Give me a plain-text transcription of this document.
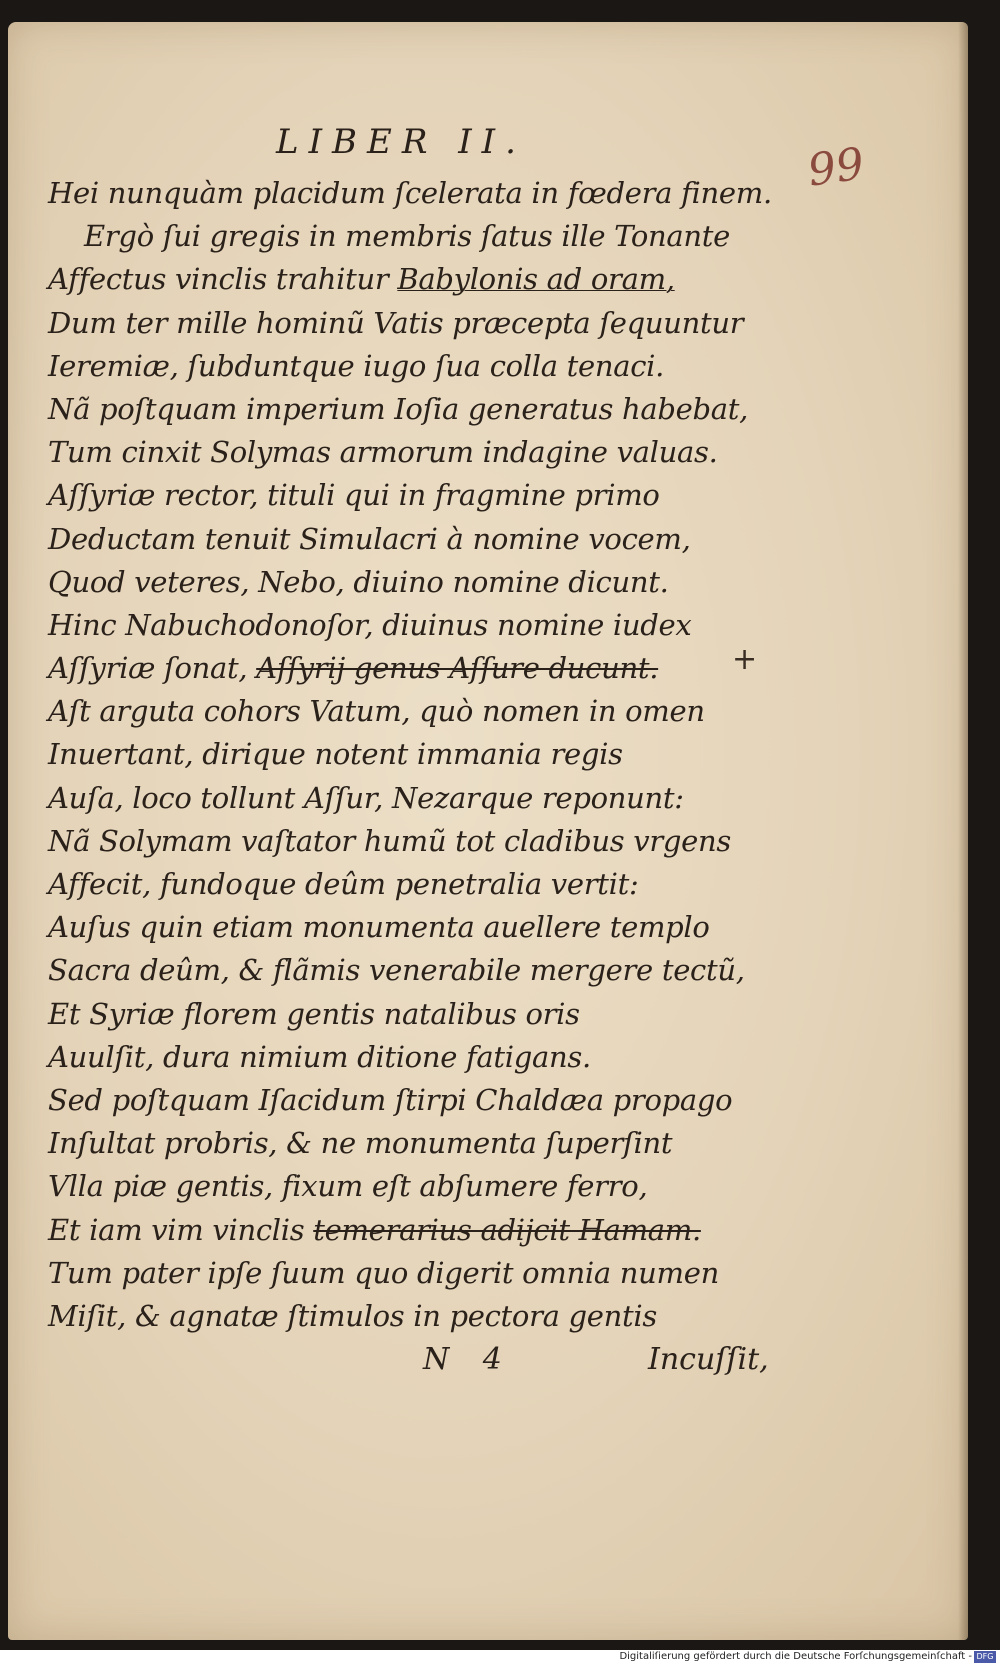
LIBER II.	99
Hei nunquàm placidum ſcelerata in fœdera finem.
Ergò ſui gregis in membris ſatus ille Tonante
Affectus vinclis trahitur Babylonis ad oram,
Dum ter mille hominũ Vatis præcepta ſequuntur
Ieremiæ, ſubduntque iugo ſua colla tenaci.
Nã poſtquam imperium Ioſia generatus habebat,
Tum cinxit Solymas armorum indagine valuas.
Aſſyriæ rector, tituli qui in fragmine primo
Deductam tenuit Simulacri à nomine vocem,
Quod veteres, Nebo, diuino nomine dicunt.
Hinc Nabuchodonoſor, diuinus nomine iudex
Aſſyriæ ſonat, Aſſyrij genus Aſſure ducunt.
Aſt arguta cohors Vatum, quò nomen in omen
Inuertant, dirique notent immania regis
Auſa, loco tollunt Aſſur, Nezarque reponunt:
Nã Solymam vaſtator humũ tot cladibus vrgens
Affecit, fundoque deûm penetralia vertit:
Auſus quin etiam monumenta auellere templo
Sacra deûm, & flãmis venerabile mergere tectũ,
Et Syriæ florem gentis natalibus oris
Auulſit, dura nimium ditione fatigans.
Sed poſtquam Iſacidum ſtirpi Chaldæa propago
Inſultat probris, & ne monumenta ſuperſint
Vlla piæ gentis, fixum eſt abſumere ferro,
Et iam vim vinclis temerarius adijcit Hamam.
Tum pater ipſe ſuum quo digerit omnia numen
Miſit, & agnatæ ſtimulos in pectora gentis
+
N 4	Incuſſit,
Digitaliſierung gefördert durch die Deutsche Forſchungsgemeinſchaft - DFG
